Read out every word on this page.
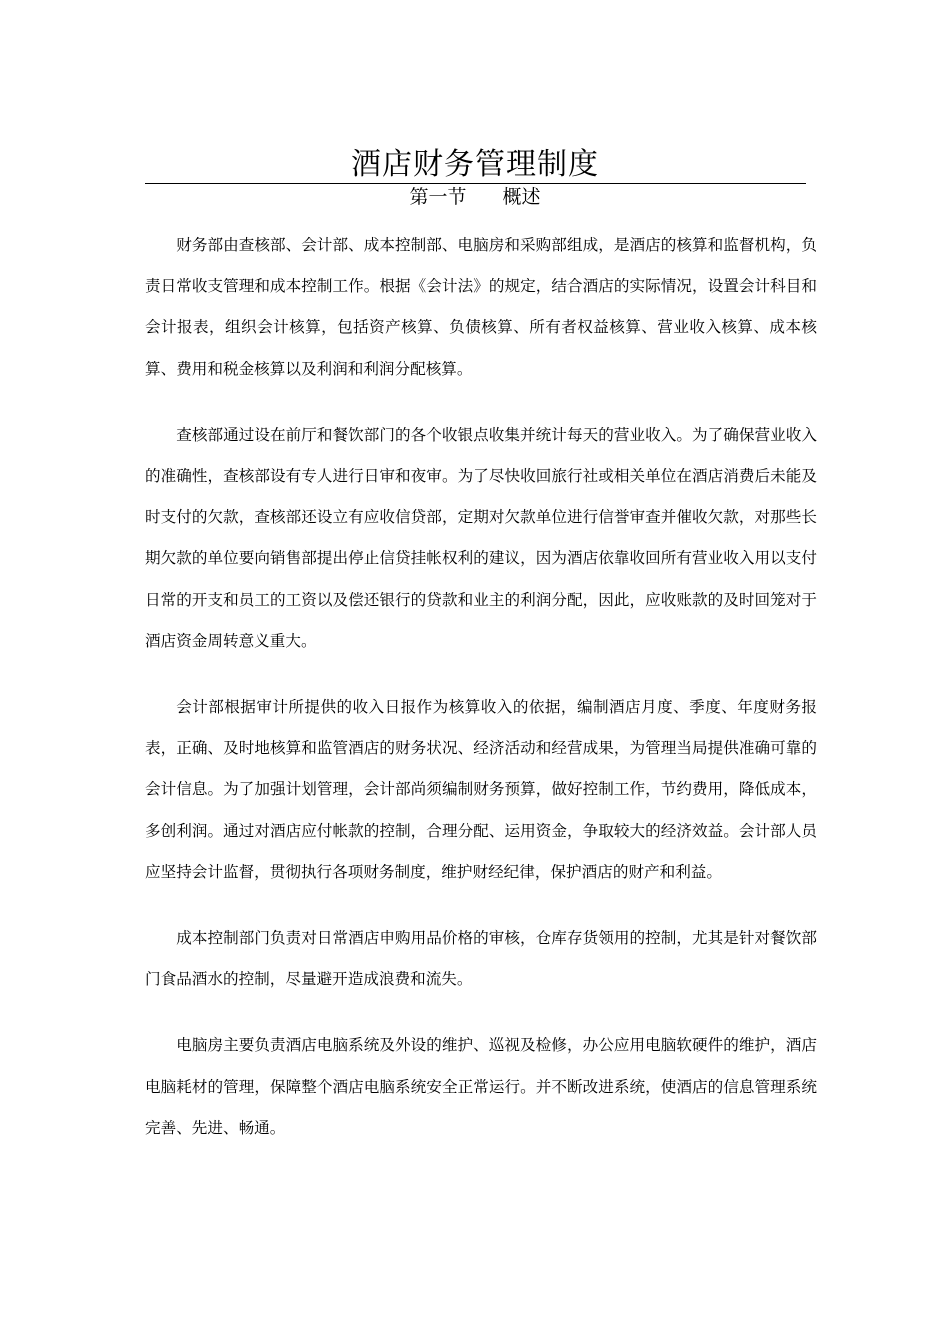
酒店财务管理制度
第一节 概述

财务部由查核部、会计部、成本控制部、电脑房和采购部组成，是酒店的核算和监督机构，负责日常收支管理和成本控制工作。根据《会计法》的规定，结合酒店的实际情况，设置会计科目和会计报表，组织会计核算，包括资产核算、负债核算、所有者权益核算、营业收入核算、成本核算、费用和税金核算以及利润和利润分配核算。

查核部通过设在前厅和餐饮部门的各个收银点收集并统计每天的营业收入。为了确保营业收入的准确性，查核部设有专人进行日审和夜审。为了尽快收回旅行社或相关单位在酒店消费后未能及时支付的欠款，查核部还设立有应收信贷部，定期对欠款单位进行信誉审查并催收欠款，对那些长期欠款的单位要向销售部提出停止信贷挂帐权利的建议，因为酒店依靠收回所有营业收入用以支付日常的开支和员工的工资以及偿还银行的贷款和业主的利润分配，因此，应收账款的及时回笼对于酒店资金周转意义重大。

会计部根据审计所提供的收入日报作为核算收入的依据，编制酒店月度、季度、年度财务报表，正确、及时地核算和监管酒店的财务状况、经济活动和经营成果，为管理当局提供准确可靠的会计信息。为了加强计划管理，会计部尚须编制财务预算，做好控制工作，节约费用，降低成本，多创利润。通过对酒店应付帐款的控制，合理分配、运用资金，争取较大的经济效益。会计部人员应坚持会计监督，贯彻执行各项财务制度，维护财经纪律，保护酒店的财产和利益。

成本控制部门负责对日常酒店申购用品价格的审核，仓库存货领用的控制，尤其是针对餐饮部门食品酒水的控制，尽量避开造成浪费和流失。

电脑房主要负责酒店电脑系统及外设的维护、巡视及检修，办公应用电脑软硬件的维护，酒店电脑耗材的管理，保障整个酒店电脑系统安全正常运行。并不断改进系统，使酒店的信息管理系统完善、先进、畅通。
